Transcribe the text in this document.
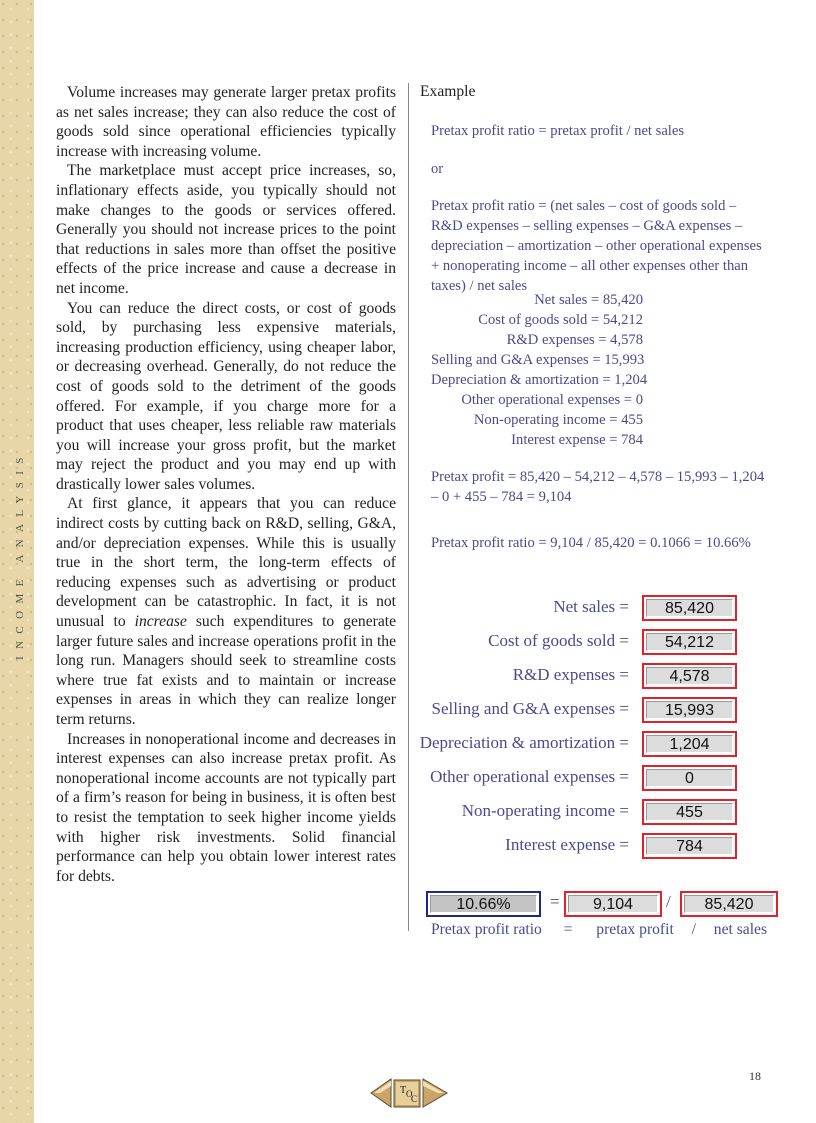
INCOME ANALYSIS

Volume increases may generate larger pretax profits as net sales increase; they can also reduce the cost of goods sold since operational efficiencies typically increase with increasing volume.

The marketplace must accept price increases, so, inflationary effects aside, you typically should not make changes to the goods or services offered. Generally you should not increase prices to the point that reductions in sales more than offset the positive effects of the price increase and cause a decrease in net income.

You can reduce the direct costs, or cost of goods sold, by purchasing less expensive materials, increasing production efficiency, using cheaper labor, or decreasing overhead. Generally, do not reduce the cost of goods sold to the detriment of the goods offered. For example, if you charge more for a product that uses cheaper, less reliable raw materials you will increase your gross profit, but the market may reject the product and you may end up with drastically lower sales volumes.

At first glance, it appears that you can reduce indirect costs by cutting back on R&D, selling, G&A, and/or depreciation expenses. While this is usually true in the short term, the long-term effects of reducing expenses such as advertising or product development can be catastrophic. In fact, it is not unusual to increase such expenditures to generate larger future sales and increase operations profit in the long run. Managers should seek to streamline costs where true fat exists and to maintain or increase expenses in areas in which they can realize longer term returns.

Increases in nonoperational income and decreases in interest expenses can also increase pretax profit. As nonoperational income accounts are not typically part of a firm’s reason for being in business, it is often best to resist the temptation to seek higher income yields with higher risk investments. Solid financial performance can help you obtain lower interest rates for debts.

Example
Pretax profit ratio = pretax profit / net sales
or
Pretax profit ratio = (net sales – cost of goods sold – R&D expenses – selling expenses – G&A expenses – depreciation – amortization – other operational expenses + nonoperating income – all other expenses other than taxes) / net sales
Net sales = 85,420
Cost of goods sold = 54,212
R&D expenses = 4,578
Selling and G&A expenses = 15,993
Depreciation & amortization = 1,204
Other operational expenses = 0
Non-operating income = 455
Interest expense = 784
Pretax profit = 85,420 – 54,212 – 4,578 – 15,993 – 1,204 – 0 + 455 – 784 = 9,104
Pretax profit ratio = 9,104 / 85,420 = 0.1066 = 10.66%
Net sales =	85,420
Cost of goods sold =	54,212
R&D expenses =	4,578
Selling and G&A expenses =	15,993
Depreciation & amortization =	1,204
Other operational expenses =	0
Non-operating income =	455
Interest expense =	784
10.66%	=	9,104	/	85,420
Pretax profit ratio = pretax profit / net sales
18
T O
C
